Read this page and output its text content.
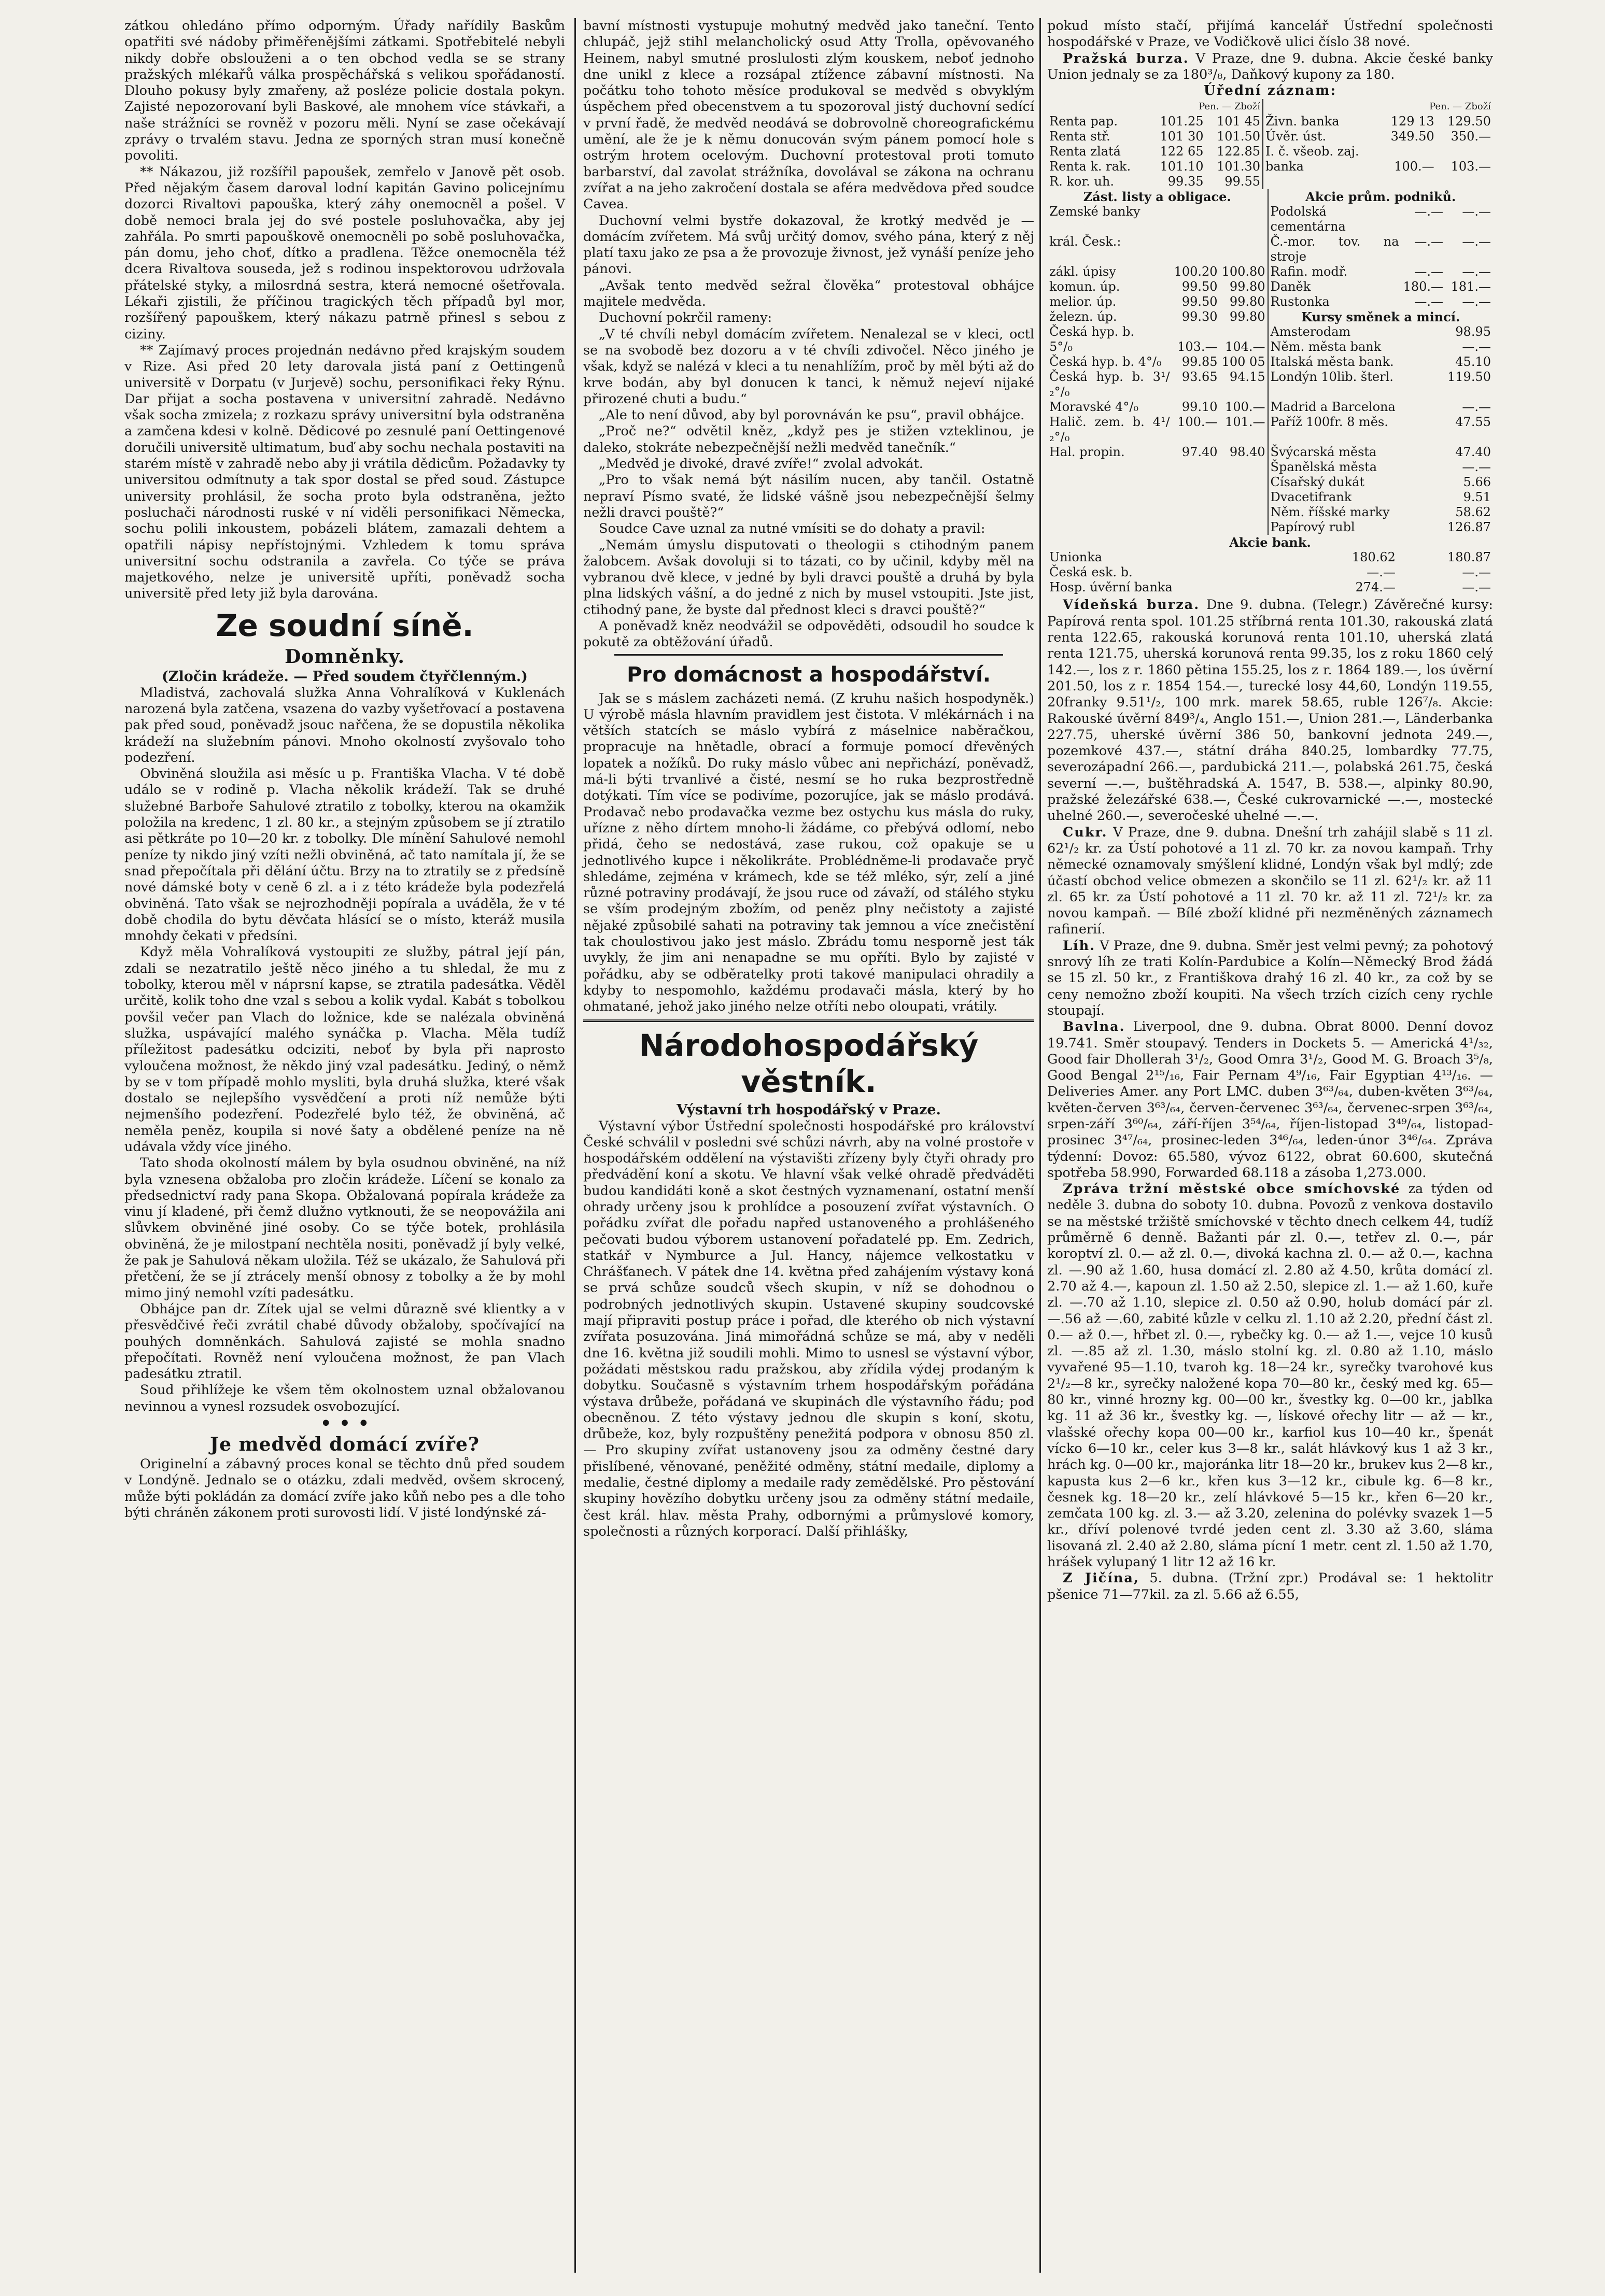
zátkou ohledáno přímo odporným. Úřady nařídily Baskům opatřiti své nádoby přiměřenějšími zátkami. Spotřebitelé nebyli nikdy dobře obslouženi a o ten obchod vedla se se strany pražských mlékařů válka prospěchářská s velikou spořádaností. Dlouho pokusy byly zmařeny, až posléze policie dostala pokyn. Zajisté nepozorovaní byli Baskové, ale mnohem více stávkaři, a naše strážníci se rovněž v pozoru měli. Nyní se zase očekávají zprávy o trvalém stavu. Jedna ze sporných stran musí konečně povoliti.

** Nákazou, již rozšířil papoušek, zemřelo v Janově pět osob. Před nějakým časem daroval lodní kapitán Gavino policejnímu dozorci Rivaltovi papouška, který záhy onemocněl a pošel. V době nemoci brala jej do své postele posluhovačka, aby jej zahřála. Po smrti papouškově onemocněli po sobě posluhovačka, pán domu, jeho choť, dítko a pradlena. Těžce onemocněla též dcera Rivaltova souseda, jež s rodinou inspektorovou udržovala přátelské styky, a milosrdná sestra, která nemocné ošetřovala. Lékaři zjistili, že příčinou tragických těch případů byl mor, rozšířený papouškem, který nákazu patrně přinesl s sebou z ciziny.

** Zajímavý proces projednán nedávno před krajským soudem v Rize. Asi před 20 lety darovala jistá paní z Oettingenů universitě v Dorpatu (v Jurjevě) sochu, personifikaci řeky Rýnu. Dar přijat a socha postavena v universitní zahradě. Nedávno však socha zmizela; z rozkazu správy universitní byla odstraněna a zamčena kdesi v kolně. Dědicové po zesnulé paní Oettingenové doručili universitě ultimatum, buď aby sochu nechala postaviti na starém místě v zahradě nebo aby ji vrátila dědicům. Požadavky ty universitou odmítnuty a tak spor dostal se před soud. Zástupce university prohlásil, že socha proto byla odstraněna, ježto posluchači národnosti ruské v ní viděli personifikaci Německa, sochu polili inkoustem, pobázeli blátem, zamazali dehtem a opatřili nápisy nepřístojnými. Vzhledem k tomu správa universitní sochu odstranila a zavřela. Co týče se práva majetkového, nelze je universitě upříti, poněvadž socha universitě před lety již byla darována.

Ze soudní síně.
Domněnky.
(Zločin krádeže. — Před soudem čtyřčlenným.)

Mladistvá, zachovalá služka Anna Vohralíková v Kuklenách narozená byla zatčena, vsazena do vazby vyšetřovací a postavena pak před soud, poněvadž jsouc nařčena, že se dopustila několika krádeží na služebním pánovi. Mnoho okolností zvyšovalo toho podezření.

Obviněná sloužila asi měsíc u p. Františka Vlacha. V té době událo se v rodině p. Vlacha několik krádeží. Tak se druhé služebné Barboře Sahulové ztratilo z tobolky, kterou na okamžik položila na kredenc, 1 zl. 80 kr., a stejným způsobem se jí ztratilo asi pětkráte po 10—20 kr. z tobolky. Dle mínění Sahulové nemohl peníze ty nikdo jiný vzíti nežli obviněná, ač tato namítala jí, že se snad přepočítala při dělání účtu. Brzy na to ztratily se z předsíně nové dámské boty v ceně 6 zl. a i z této krádeže byla podezřelá obviněná. Tato však se nejrozhodněji popírala a uváděla, že v té době chodila do bytu děvčata hlásící se o místo, kteráž musila mnohdy čekati v předsíni.

Když měla Vohralíková vystoupiti ze služby, pátral její pán, zdali se nezatratilo ještě něco jiného a tu shledal, že mu z tobolky, kterou měl v náprsní kapse, se ztratila padesátka. Věděl určitě, kolik toho dne vzal s sebou a kolik vydal. Kabát s tobolkou povšil večer pan Vlach do ložnice, kde se nalézala obviněná služka, uspávající malého synáčka p. Vlacha. Měla tudíž příležitost padesátku odciziti, neboť by byla při naprosto vyloučena možnost, že někdo jiný vzal padesátku. Jediný, o němž by se v tom případě mohlo mysliti, byla druhá služka, které však dostalo se nejlepšího vysvědčení a proti níž nemůže býti nejmenšího podezření. Podezřelé bylo též, že obviněná, ač neměla peněz, koupila si nové šaty a obdělené peníze na ně udávala vždy více jiného.

Tato shoda okolností málem by byla osudnou obviněné, na níž byla vznesena obžaloba pro zločin krádeže. Líčení se konalo za předsednictví rady pana Skopa. Obžalovaná popírala krádeže za vinu jí kladené, při čemž dlužno vytknouti, že se neopovážila ani slůvkem obviněné jiné osoby. Co se týče botek, prohlásila obviněná, že je milostpaní nechtěla nositi, poněvadž jí byly velké, že pak je Sahulová někam uložila. Též se ukázalo, že Sahulová při přetčení, že se jí ztrácely menší obnosy z tobolky a že by mohl mimo jiný nemohl vzíti padesátku.

Obhájce pan dr. Zítek ujal se velmi důrazně své klientky a v přesvědčivé řeči zvrátil chabé důvody obžaloby, spočívající na pouhých domněnkách. Sahulová zajisté se mohla snadno přepočítati. Rovněž není vyloučena možnost, že pan Vlach padesátku ztratil.

Soud přihlížeje ke všem těm okolnostem uznal obžalovanou nevinnou a vynesl rozsudek osvobozující.

• • •
Je medvěd domácí zvíře?

Originelní a zábavný proces konal se těchto dnů před soudem v Londýně. Jednalo se o otázku, zdali medvěd, ovšem skrocený, může býti pokládán za domácí zvíře jako kůň nebo pes a dle toho býti chráněn zákonem proti surovosti lidí. V jisté londýnské zá-

bavní místnosti vystupuje mohutný medvěd jako taneční. Tento chlupáč, jejž stihl melancholický osud Atty Trolla, opěvovaného Heinem, nabyl smutné proslulosti zlým kouskem, neboť jednoho dne unikl z klece a rozsápal ztížence zábavní místnosti. Na počátku toho tohoto měsíce produkoval se medvěd s obvyklým úspěchem před obecenstvem a tu spozoroval jistý duchovní sedící v první řadě, že medvěd neodává se dobrovolně choreografickému umění, ale že je k němu donucován svým pánem pomocí hole s ostrým hrotem ocelovým. Duchovní protestoval proti tomuto barbarství, dal zavolat strážníka, dovolával se zákona na ochranu zvířat a na jeho zakročení dostala se aféra medvědova před soudce Cavea.

Duchovní velmi bystře dokazoval, že krotký medvěd je — domácím zvířetem. Má svůj určitý domov, svého pána, který z něj platí taxu jako ze psa a že provozuje živnost, jež vynáší peníze jeho pánovi.

„Avšak tento medvěd sežral člověka“ protestoval obhájce majitele medvěda.

Duchovní pokrčil rameny:

„V té chvíli nebyl domácím zvířetem. Nenalezal se v kleci, octl se na svobodě bez dozoru a v té chvíli zdivočel. Něco jiného je však, když se nalézá v kleci a tu nenahlížím, proč by měl býti až do krve bodán, aby byl donucen k tanci, k němuž nejeví nijaké přirozené chuti a budu.“

„Ale to není důvod, aby byl porovnáván ke psu“, pravil obhájce.

„Proč ne?“ odvětil kněz, „když pes je stižen vzteklinou, je daleko, stokráte nebezpečnější nežli medvěd tanečník.“

„Medvěd je divoké, dravé zvíře!“ zvolal advokát.

„Pro to však nemá být násilím nucen, aby tančil. Ostatně nepraví Písmo svaté, že lidské vášně jsou nebezpečnější šelmy nežli dravci pouště?“

Soudce Cave uznal za nutné vmísiti se do dohaty a pravil:

„Nemám úmyslu disputovati o theologii s ctihodným panem žalobcem. Avšak dovoluji si to tázati, co by učinil, kdyby měl na vybranou dvě klece, v jedné by byli dravci pouště a druhá by byla plna lidských vášní, a do jedné z nich by musel vstoupiti. Jste jist, ctihodný pane, že byste dal přednost kleci s dravci pouště?“

A poněvadž kněz neodvážil se odpověděti, odsoudil ho soudce k pokutě za obtěžování úřadů.

Pro domácnost a hospodářství.

Jak se s máslem zacházeti nemá. (Z kruhu našich hospodyněk.) U výrobě másla hlavním pravidlem jest čistota. V mlékárnách i na větších statcích se máslo vybírá z máselnice naběračkou, propracuje na hnětadle, obrací a formuje pomocí dřevěných lopatek a nožíků. Do ruky máslo vůbec ani nepřichází, poněvadž, má-li býti trvanlivé a čisté, nesmí se ho ruka bezprostředně dotýkati. Tím více se podivíme, pozorujíce, jak se máslo prodává. Prodavač nebo prodavačka vezme bez ostychu kus másla do ruky, uřízne z něho dírtem mnoho-li žádáme, co přebývá odlomí, nebo přidá, čeho se nedostává, zase rukou, což opakuje se u jednotlivého kupce i několikráte. Problédněme-li prodavače pryč shledáme, zejména v krámech, kde se též mléko, sýr, zelí a jiné různé potraviny prodávají, že jsou ruce od závaží, od stálého styku se vším prodejným zbožím, od peněz plny nečistoty a zajisté nějaké způsobilé sahati na potraviny tak jemnou a více znečistění tak choulostivou jako jest máslo. Zbrádu tomu nesporně jest ták uvykly, že jim ani nenapadne se mu opříti. Bylo by zajisté v pořádku, aby se odběratelky proti takové manipulaci ohradily a kdyby to nespomohlo, každému prodavači másla, který by ho ohmatané, jehož jako jiného nelze otříti nebo oloupati, vrátily.

Národohospodářský věstník.
Výstavní trh hospodářský v Praze.

Výstavní výbor Ústřední společnosti hospodářské pro království České schválil v posledni své schůzi návrh, aby na volné prostoře v hospodářském oddělení na výstavišti zřízeny byly čtyři ohrady pro předvádění koní a skotu. Ve hlavní však velké ohradě předváděti budou kandidáti koně a skot čestných vyznamenaní, ostatní menší ohrady určeny jsou k prohlídce a posouzení zvířat výstavních. O pořádku zvířat dle pořadu napřed ustanoveného a prohlášeného pečovati budou výborem ustanovení pořadatelé pp. Em. Zedrich, statkář v Nymburce a Jul. Hancy, nájemce velkostatku v Chrášťanech. V pátek dne 14. května před zahájením výstavy koná se prvá schůze soudců všech skupin, v níž se dohodnou o podrobných jednotlivých skupin. Ustavené skupiny soudcovské mají připraviti postup práce i pořad, dle kterého ob nich výstavní zvířata posuzována. Jiná mimořádná schůze se má, aby v neděli dne 16. května již soudili mohli. Mimo to usnesl se výstavní výbor, požádati městskou radu pražskou, aby zřídila výdej prodaným k dobytku. Současně s výstavním trhem hospodářským pořádána výstava drůbeže, pořádaná ve skupinách dle výstavního řádu; pod obecněnou. Z této výstavy jednou dle skupin s koní, skotu, drůbeže, koz, byly rozpuštěny penežitá podpora v obnosu 850 zl. — Pro skupiny zvířat ustanoveny jsou za odměny čestné dary přislíbené, věnované, peněžité odměny, státní medaile, diplomy a medalie, čestné diplomy a medaile rady zemědělské. Pro pěstování skupiny hovězího dobytku určeny jsou za odměny státní medaile, čest král. hlav. města Prahy, odbornými a průmyslové komory, společnosti a různých korporací. Další přihlášky,

pokud místo stačí, přijímá kancelář Ústřední společnosti hospodářské v Praze, ve Vodičkově ulici číslo 38 nové.

Pražská burza. V Praze, dne 9. dubna. Akcie české banky Union jednaly se za 180³/₈, Daňkový kupony za 180.

Úřední záznam:
	Pen. — Zboží			Pen. — Zboží	
Renta pap.	101.25	101 45	Živn. banka	129 13	129.50
Renta stř.	101 30	101.50	Úvěr. úst.	349.50	350.—
Renta zlatá	122 65	122.85	I. č. všeob. zaj.		
Renta k. rak.	101.10	101.30	banka	100.—	103.—
R. kor. uh.	99.35	99.55			
Zást. listy a obligace.			Akcie prům. podniků.		
Zemské banky			Podolská cementárna	—.—	—.—
král. Česk.:			Č.-mor. tov. na stroje	—.—	—.—
zákl. úpisy	100.20	100.80	Rafin. modř.	—.—	—.—
komun. úp.	99.50	99.80	Daněk	180.—	181.—
melior. úp.	99.50	99.80	Rustonka	—.—	—.—
železn. úp.	99.30	99.80	Kursy směnek a mincí.		
Česká hyp. b.			Amsterodam		98.95
5°/₀	103.—	104.—	Něm. města bank		—.—
Česká hyp. b. 4°/₀	99.85	100 05	Italská města bank.		45.10
Česká hyp. b. 3¹/₂°/₀	93.65	94.15	Londýn 10lib. šterl.		119.50
Moravské 4°/₀	99.10	100.—	Madrid a Barcelona		—.—
Halič. zem. b. 4¹/₂°/₀	100.—	101.—	Paříž 100fr. 8 měs.		47.55
Hal. propin.	97.40	98.40	Švýcarská města		47.40
			Španělská města		—.—
			Císařský dukát		5.66
			Dvacetifrank		9.51
			Něm. říšské marky		58.62
			Papírový rubl		126.87
Akcie bank.		
Unionka	180.62	180.87
Česká esk. b.	—.—	—.—
Hosp. úvěrní banka	274.—	—.—

Vídeňská burza. Dne 9. dubna. (Telegr.) Závěrečné kursy: Papírová renta spol. 101.25 stříbrná renta 101.30, rakouská zlatá renta 122.65, rakouská korunová renta 101.10, uherská zlatá renta 121.75, uherská korunová renta 99.35, los z roku 1860 celý 142.—, los z r. 1860 pětina 155.25, los z r. 1864 189.—, los úvěrní 201.50, los z r. 1854 154.—, turecké losy 44,60, Londýn 119.55, 20franky 9.51¹/₂, 100 mrk. marek 58.65, ruble 126⁷/₈. Akcie: Rakouské úvěrní 849³/₄, Anglo 151.—, Union 281.—, Länderbanka 227.75, uherské úvěrní 386 50, bankovní jednota 249.—, pozemkové 437.—, státní dráha 840.25, lombardky 77.75, severozápadní 266.—, pardubická 211.—, polabská 261.75, česká severní —.—, buštěhradská A. 1547, B. 538.—, alpinky 80.90, pražské železářské 638.—, České cukrovarnické —.—, mostecké uhelné 260.—, severočeské uhelné —.—.

Cukr. V Praze, dne 9. dubna. Dnešní trh zahájil slabě s 11 zl. 62¹/₂ kr. za Ústí pohotové a 11 zl. 70 kr. za novou kampaň. Trhy německé oznamovaly smýšlení klidné, Londýn však byl mdlý; zde účastí obchod velice obmezen a skončilo se 11 zl. 62¹/₂ kr. až 11 zl. 65 kr. za Ústí pohotové a 11 zl. 70 kr. až 11 zl. 72¹/₂ kr. za novou kampaň. — Bílé zboží klidné při nezměněných záznamech rafinerií.

Líh. V Praze, dne 9. dubna. Směr jest velmi pevný; za pohotový snrový líh ze trati Kolín-Pardubice a Kolín—Německý Brod žádá se 15 zl. 50 kr., z Františkova drahý 16 zl. 40 kr., za což by se ceny nemožno zboží koupiti. Na všech trzích cizích ceny rychle stoupají.

Bavlna. Liverpool, dne 9. dubna. Obrat 8000. Denní dovoz 19.741. Směr stoupavý. Tenders in Dockets 5. — Americká 4¹/₃₂, Good fair Dhollerah 3¹/₂, Good Omra 3¹/₂, Good M. G. Broach 3⁵/₈, Good Bengal 2¹⁵/₁₆, Fair Pernam 4⁹/₁₆, Fair Egyptian 4¹³/₁₆. — Deliveries Amer. any Port LMC. duben 3⁶³/₆₄, duben-květen 3⁶³/₆₄, květen-červen 3⁶³/₆₄, červen-červenec 3⁶³/₆₄, červenec-srpen 3⁶³/₆₄, srpen-září 3⁶⁰/₆₄, září-říjen 3⁵⁴/₆₄, říjen-listopad 3⁴⁹/₆₄, listopad-prosinec 3⁴⁷/₆₄, prosinec-leden 3⁴⁶/₆₄, leden-únor 3⁴⁶/₆₄. Zpráva týdenní: Dovoz: 65.580, vývoz 6122, obrat 60.600, skutečná spotřeba 58.990, Forwarded 68.118 a zásoba 1,273.000.

Zpráva tržní městské obce smíchovské za týden od neděle 3. dubna do soboty 10. dubna. Povozů z venkova dostavilo se na městské tržiště smíchovské v těchto dnech celkem 44, tudíž průměrně 6 denně. Bažanti pár zl. 0.—, tetřev zl. 0.—, pár koroptví zl. 0.— až zl. 0.—, divoká kachna zl. 0.— až 0.—, kachna zl. —.90 až 1.60, husa domácí zl. 2.80 až 4.50, krůta domácí zl. 2.70 až 4.—, kapoun zl. 1.50 až 2.50, slepice zl. 1.— až 1.60, kuře zl. —.70 až 1.10, slepice zl. 0.50 až 0.90, holub domácí pár zl. —.56 až —.60, zabité kůzle v celku zl. 1.10 až 2.20, přední část zl. 0.— až 0.—, hřbet zl. 0.—, rybečky kg. 0.— až 1.—, vejce 10 kusů zl. —.85 až zl. 1.30, máslo stolní kg. zl. 0.80 až 1.10, máslo vyvařené 95—1.10, tvaroh kg. 18—24 kr., syrečky tvarohové kus 2¹/₂—8 kr., syrečky naložené kopa 70—80 kr., český med kg. 65—80 kr., vinné hrozny kg. 00—00 kr., švestky kg. 0—00 kr., jablka kg. 11 až 36 kr., švestky kg. —, lískové ořechy litr — až — kr., vlašské ořechy kopa 00—00 kr., karfiol kus 10—40 kr., špenát vícko 6—10 kr., celer kus 3—8 kr., salát hlávkový kus 1 až 3 kr., hrách kg. 0—00 kr., majoránka litr 18—20 kr., brukev kus 2—8 kr., kapusta kus 2—6 kr., křen kus 3—12 kr., cibule kg. 6—8 kr., česnek kg. 18—20 kr., zelí hlávkové 5—15 kr., křen 6—20 kr., zemčata 100 kg. zl. 3.— až 3.20, zelenina do polévky svazek 1—5 kr., dříví polenové tvrdé jeden cent zl. 3.30 až 3.60, sláma lisovaná zl. 2.40 až 2.80, sláma pícní 1 metr. cent zl. 1.50 až 1.70, hrášek vylupaný 1 litr 12 až 16 kr.

Z Jičína, 5. dubna. (Tržní zpr.) Prodával se: 1 hektolitr pšenice 71—77kil. za zl. 5.66 až 6.55,
